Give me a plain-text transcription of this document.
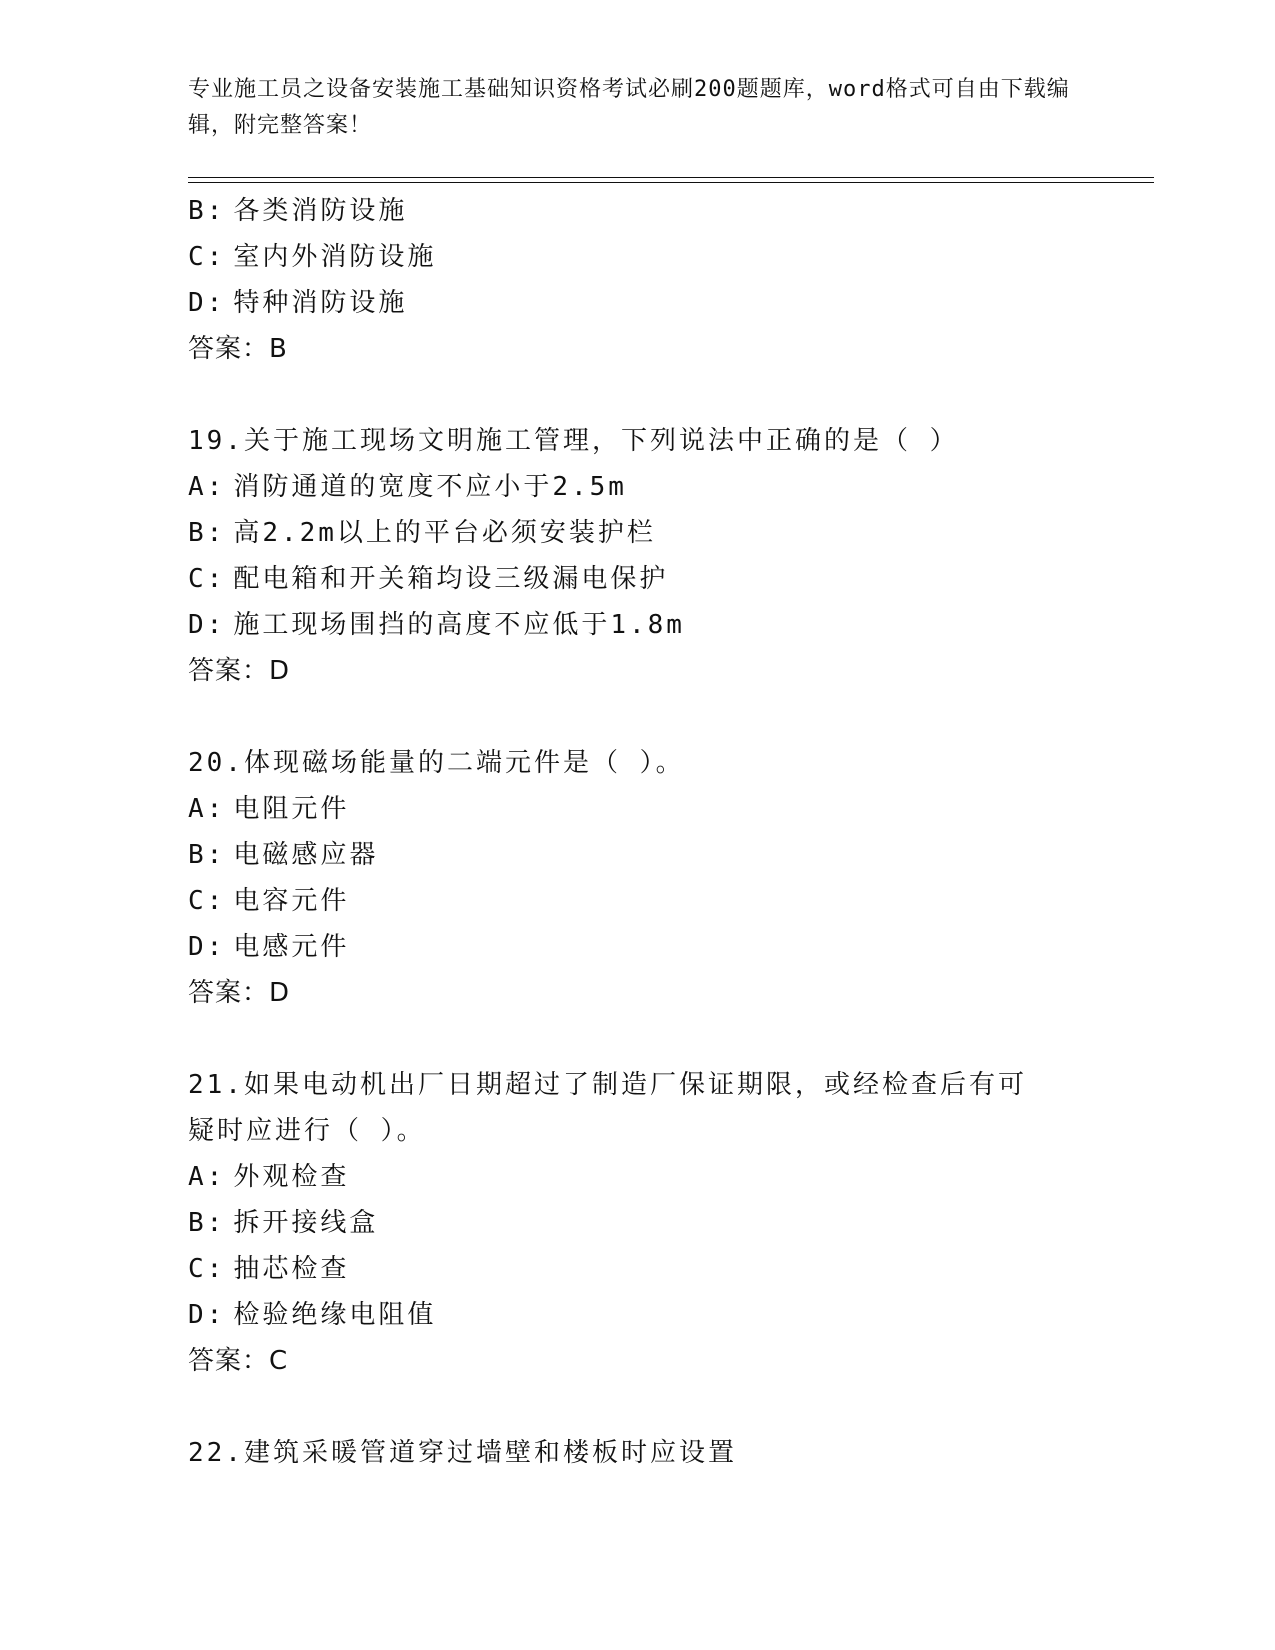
专业施工员之设备安装施工基础知识资格考试必刷200题题库，word格式可自由下载编辑，附完整答案！
B: 各类消防设施
C: 室内外消防设施
D: 特种消防设施
答案：B
19.关于施工现场文明施工管理，下列说法中正确的是（ ）
A: 消防通道的宽度不应小于2.5m
B: 高2.2m以上的平台必须安装护栏
C: 配电箱和开关箱均设三级漏电保护
D: 施工现场围挡的高度不应低于1.8m
答案：D
20.体现磁场能量的二端元件是（ ）。
A: 电阻元件
B: 电磁感应器
C: 电容元件
D: 电感元件
答案：D
21.如果电动机出厂日期超过了制造厂保证期限，或经检查后有可疑时应进行（ ）。
A: 外观检查
B: 拆开接线盒
C: 抽芯检查
D: 检验绝缘电阻值
答案：C
22.建筑采暖管道穿过墙壁和楼板时应设置
